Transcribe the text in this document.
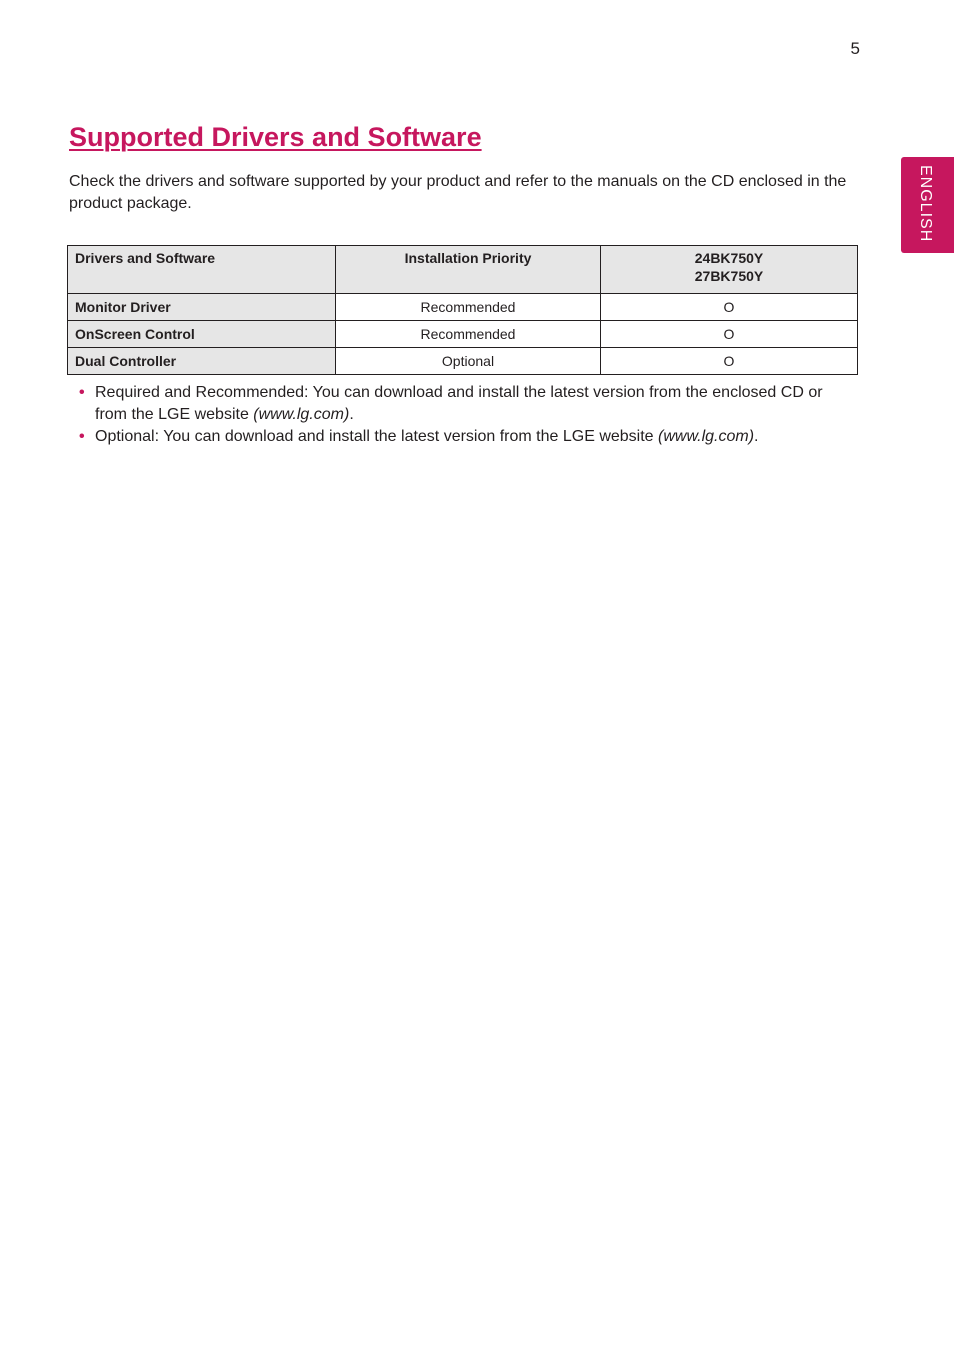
5
ENGLISH
Supported Drivers and Software

Check the drivers and software supported by your product and refer to the manuals on the CD enclosed in the product package.

Drivers and Software	Installation Priority	24BK750Y
27BK750Y

Monitor Driver	Recommended	O
OnScreen Control	Recommended	O
Dual Controller	Optional	O
• Required and Recommended: You can download and install the latest version from the enclosed CD or from the LGE website (www.lg.com).
• Optional: You can download and install the latest version from the LGE website (www.lg.com).
